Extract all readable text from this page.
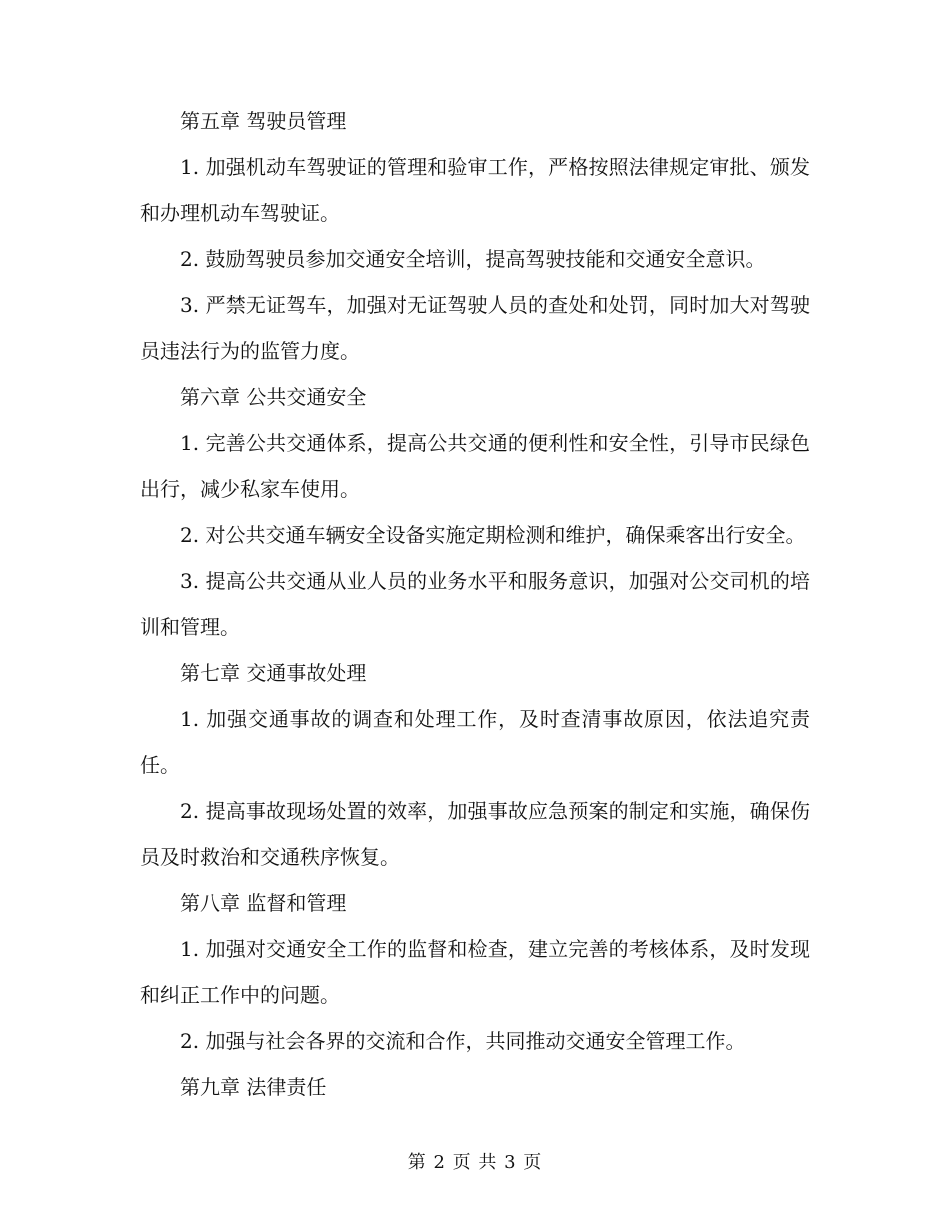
第五章 驾驶员管理

1. 加强机动车驾驶证的管理和验审工作，严格按照法律规定审批、颁发和办理机动车驾驶证。

2. 鼓励驾驶员参加交通安全培训，提高驾驶技能和交通安全意识。

3. 严禁无证驾车，加强对无证驾驶人员的查处和处罚，同时加大对驾驶员违法行为的监管力度。

第六章 公共交通安全

1. 完善公共交通体系，提高公共交通的便利性和安全性，引导市民绿色出行，减少私家车使用。

2. 对公共交通车辆安全设备实施定期检测和维护，确保乘客出行安全。

3. 提高公共交通从业人员的业务水平和服务意识，加强对公交司机的培训和管理。

第七章 交通事故处理

1. 加强交通事故的调查和处理工作，及时查清事故原因，依法追究责任。

2. 提高事故现场处置的效率，加强事故应急预案的制定和实施，确保伤员及时救治和交通秩序恢复。

第八章 监督和管理

1. 加强对交通安全工作的监督和检查，建立完善的考核体系，及时发现和纠正工作中的问题。

2. 加强与社会各界的交流和合作，共同推动交通安全管理工作。

第九章 法律责任

第 2 页 共 3 页
